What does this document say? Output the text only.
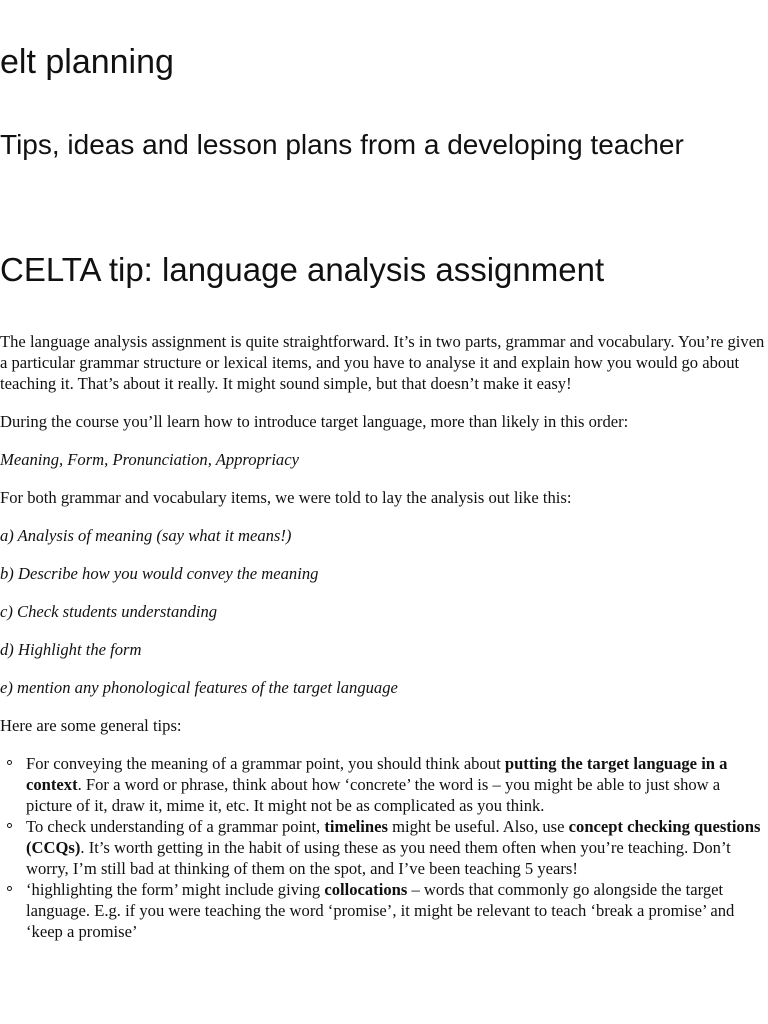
elt planning
Tips, ideas and lesson plans from a developing teacher
CELTA tip: language analysis assignment

The language analysis assignment is quite straightforward. It’s in two parts, grammar and vocabulary. You’re given a particular grammar structure or lexical items, and you have to analyse it and explain how you would go about teaching it. That’s about it really. It might sound simple, but that doesn’t make it easy!

During the course you’ll learn how to introduce target language, more than likely in this order:

Meaning, Form, Pronunciation, Appropriacy

For both grammar and vocabulary items, we were told to lay the analysis out like this:

a) Analysis of meaning (say what it means!)

b) Describe how you would convey the meaning

c) Check students understanding

d) Highlight the form

e) mention any phonological features of the target language

Here are some general tips:

For conveying the meaning of a grammar point, you should think about putting the target language in a context. For a word or phrase, think about how ‘concrete’ the word is – you might be able to just show a picture of it, draw it, mime it, etc. It might not be as complicated as you think.
To check understanding of a grammar point, timelines might be useful. Also, use concept checking questions (CCQs). It’s worth getting in the habit of using these as you need them often when you’re teaching. Don’t worry, I’m still bad at thinking of them on the spot, and I’ve been teaching 5 years!
‘highlighting the form’ might include giving collocations – words that commonly go alongside the target language. E.g. if you were teaching the word ‘promise’, it might be relevant to teach ‘break a promise’ and ‘keep a promise’
